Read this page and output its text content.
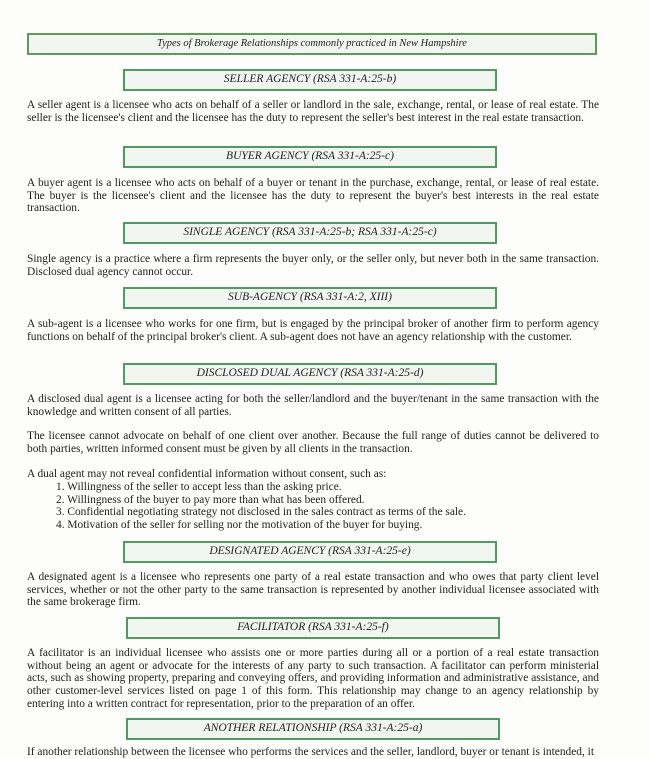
Types of Brokerage Relationships commonly practiced in New Hampshire
SELLER AGENCY (RSA 331-A:25-b)

A seller agent is a licensee who acts on behalf of a seller or landlord in the sale, exchange, rental, or lease of real estate. The seller is the licensee's client and the licensee has the duty to represent the seller's best interest in the real estate transaction.

BUYER AGENCY (RSA 331-A:25-c)

A buyer agent is a licensee who acts on behalf of a buyer or tenant in the purchase, exchange, rental, or lease of real estate. The buyer is the licensee's client and the licensee has the duty to represent the buyer's best interests in the real estate transaction.

SINGLE AGENCY (RSA 331-A:25-b; RSA 331-A:25-c)

Single agency is a practice where a firm represents the buyer only, or the seller only, but never both in the same transaction. Disclosed dual agency cannot occur.

SUB-AGENCY (RSA 331-A:2, XIII)

A sub-agent is a licensee who works for one firm, but is engaged by the principal broker of another firm to perform agency functions on behalf of the principal broker's client. A sub-agent does not have an agency relationship with the customer.

DISCLOSED DUAL AGENCY (RSA 331-A:25-d)

A disclosed dual agent is a licensee acting for both the seller/landlord and the buyer/tenant in the same transaction with the knowledge and written consent of all parties.

The licensee cannot advocate on behalf of one client over another. Because the full range of duties cannot be delivered to both parties, written informed consent must be given by all clients in the transaction.

A dual agent may not reveal confidential information without consent, such as:

1. Willingness of the seller to accept less than the asking price.
2. Willingness of the buyer to pay more than what has been offered.
3. Confidential negotiating strategy not disclosed in the sales contract as terms of the sale.
4. Motivation of the seller for selling nor the motivation of the buyer for buying.
DESIGNATED AGENCY (RSA 331-A:25-e)

A designated agent is a licensee who represents one party of a real estate transaction and who owes that party client level services, whether or not the other party to the same transaction is represented by another individual licensee associated with the same brokerage firm.

FACILITATOR (RSA 331-A:25-f)

A facilitator is an individual licensee who assists one or more parties during all or a portion of a real estate transaction without being an agent or advocate for the interests of any party to such transaction. A facilitator can perform ministerial acts, such as showing property, preparing and conveying offers, and providing information and administrative assistance, and other customer-level services listed on page 1 of this form. This relationship may change to an agency relationship by entering into a written contract for representation, prior to the preparation of an offer.

ANOTHER RELATIONSHIP (RSA 331-A:25-a)

If another relationship between the licensee who performs the services and the seller, landlord, buyer or tenant is intended, it
